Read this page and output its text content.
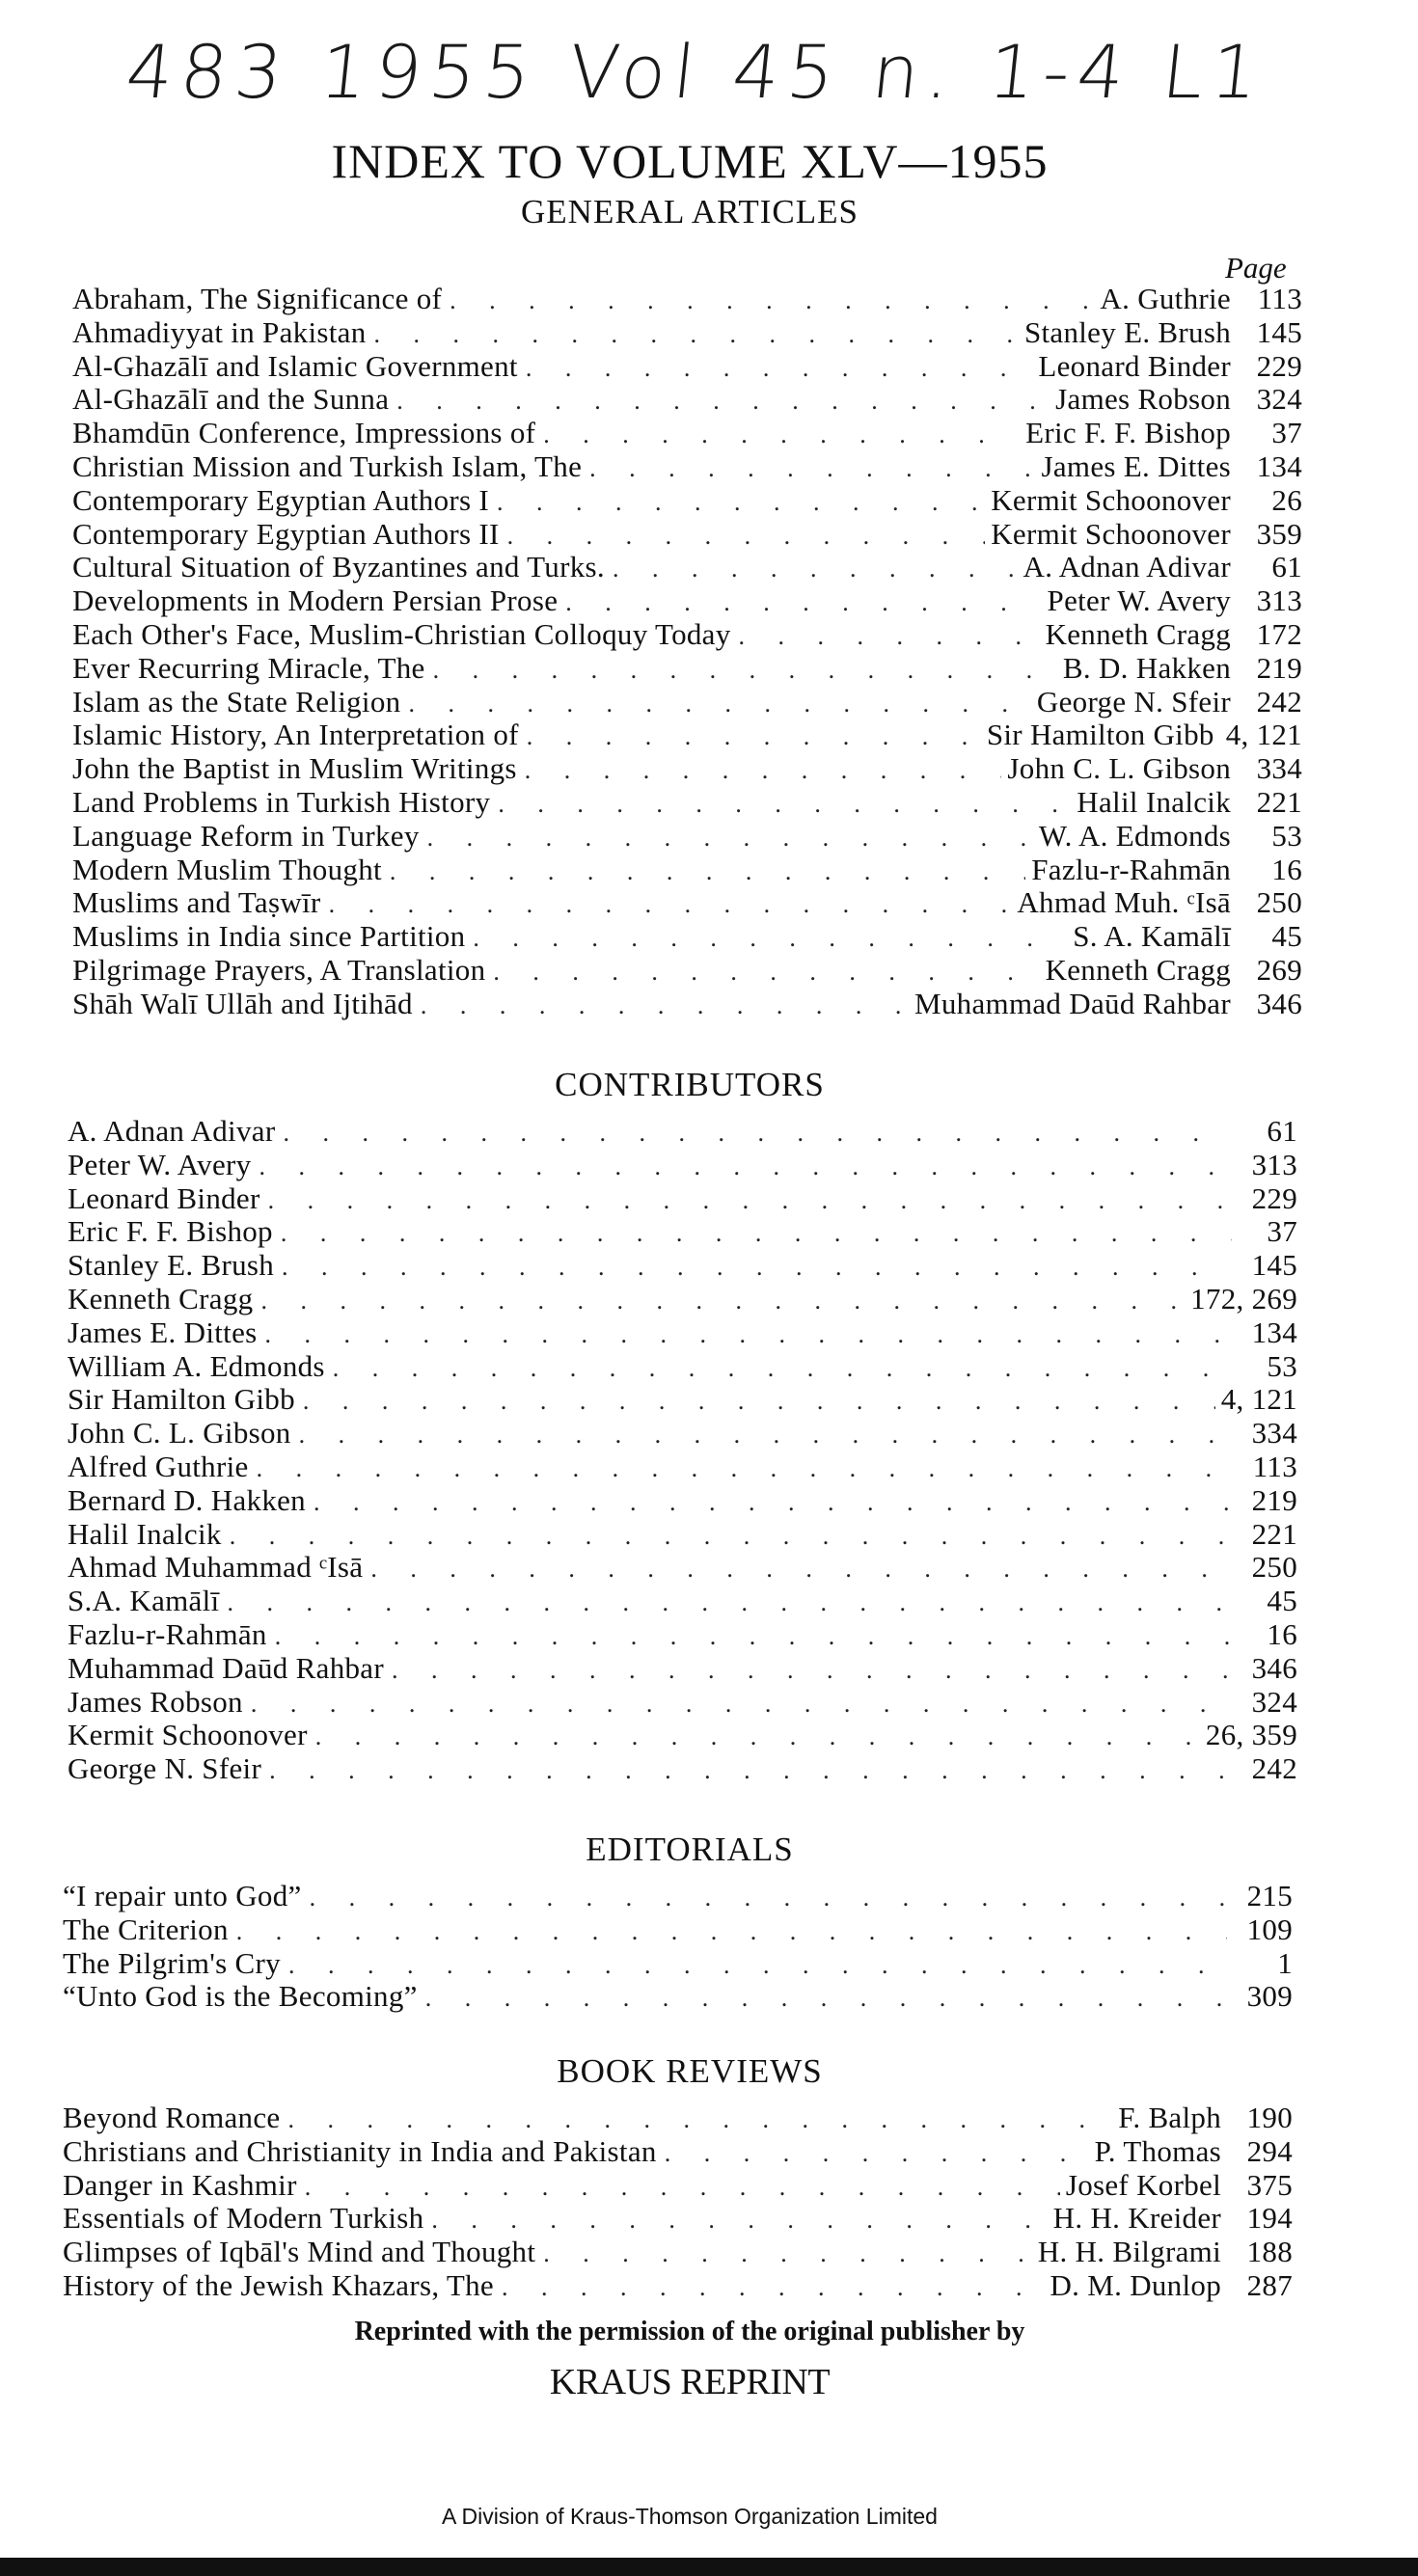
483 1955 Vol 45 n. 1-4 L1
INDEX TO VOLUME XLV—1955
GENERAL ARTICLES
Page
Abraham, The Significance of . . .	A. Guthrie 113
Ahmadiyyat in Pakistan . . .	Stanley E. Brush 145
Al-Ghazālī and Islamic Government . . .	Leonard Binder 229
Al-Ghazālī and the Sunna . . .	James Robson 324
Bhamdūn Conference, Impressions of . . .	Eric F. F. Bishop	37
Christian Mission and Turkish Islam, The . . .	James E. Dittes 134
Contemporary Egyptian Authors I . . .	Kermit Schoonover	26
Contemporary Egyptian Authors II . . .	Kermit Schoonover 359
Cultural Situation of Byzantines and Turks. . . .	A. Adnan Adivar	61
Developments in Modern Persian Prose . . .	Peter W. Avery 313
Each Other's Face, Muslim-Christian Colloquy Today . . .	Kenneth Cragg 172
Ever Recurring Miracle, The . . .	B. D. Hakken 219
Islam as the State Religion . . .	George N. Sfeir 242
Islamic History, An Interpretation of . . .	Sir Hamilton Gibb 4, 121
John the Baptist in Muslim Writings . . .	John C. L. Gibson 334
Land Problems in Turkish History . . .	Halil Inalcik 221
Language Reform in Turkey . . .	W. A. Edmonds	53
Modern Muslim Thought . . .	Fazlu-r-Rahmān	16
Muslims and Taṣwīr . . .	Ahmad Muh. ᶜIsā 250
Muslims in India since Partition . . .	S. A. Kamālī	45
Pilgrimage Prayers, A Translation . . .	Kenneth Cragg 269
Shāh Walī Ullāh and Ijtihād . . .	Muhammad Daūd Rahbar 346
CONTRIBUTORS
A. Adnan Adivar . . .	61
Peter W. Avery . . .	313
Leonard Binder . . .	229
Eric F. F. Bishop . . .	37
Stanley E. Brush . . .	145
Kenneth Cragg . . .	172, 269
James E. Dittes . . .	134
William A. Edmonds . . .	53
Sir Hamilton Gibb . . .	4, 121
John C. L. Gibson . . .	334
Alfred Guthrie . . .	113
Bernard D. Hakken . . .	219
Halil Inalcik . . .	221
Ahmad Muhammad ᶜIsā . . .	250
S.A. Kamālī . . .	45
Fazlu-r-Rahmān . . .	16
Muhammad Daūd Rahbar . . .	346
James Robson . . .	324
Kermit Schoonover . . .	26, 359
George N. Sfeir . . .	242
EDITORIALS
“I repair unto God” . . .	215
The Criterion . . .	109
The Pilgrim's Cry . . .	1
“Unto God is the Becoming” . . .	309
BOOK REVIEWS
Beyond Romance . . .	F. Balph 190
Christians and Christianity in India and Pakistan . . .	P. Thomas 294
Danger in Kashmir . . .	Josef Korbel 375
Essentials of Modern Turkish . . .	H. H. Kreider 194
Glimpses of Iqbāl's Mind and Thought . . .	H. H. Bilgrami 188
History of the Jewish Khazars, The . . .	D. M. Dunlop 287
Reprinted with the permission of the original publisher by
KRAUS REPRINT
A Division of Kraus-Thomson Organization Limited
